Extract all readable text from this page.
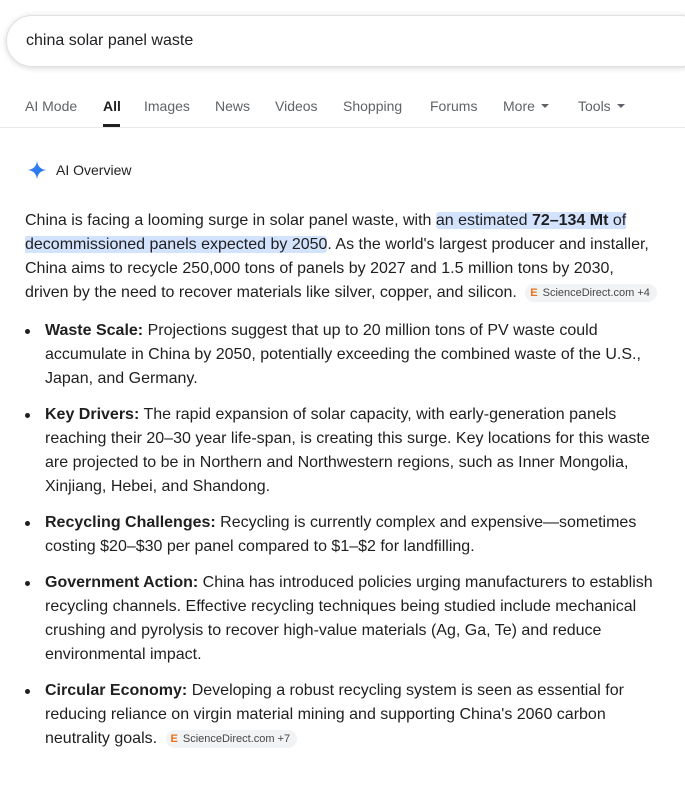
china solar panel waste
AI Mode All Images News Videos Shopping Forums More	Tools
AI Overview

China is facing a looming surge in solar panel waste, with an estimated 72–134 Mt of decommissioned panels expected by 2050. As the world's largest producer and installer, China aims to recycle 250,000 tons of panels by 2027 and 1.5 million tons by 2030, driven by the need to recover materials like silver, copper, and silicon. E ScienceDirect.com +4

Waste Scale: Projections suggest that up to 20 million tons of PV waste could accumulate in China by 2050, potentially exceeding the combined waste of the U.S., Japan, and Germany.
Key Drivers: The rapid expansion of solar capacity, with early-generation panels reaching their 20–30 year life-span, is creating this surge. Key locations for this waste are projected to be in Northern and Northwestern regions, such as Inner Mongolia, Xinjiang, Hebei, and Shandong.
Recycling Challenges: Recycling is currently complex and expensive—sometimes costing $20–$30 per panel compared to $1–$2 for landfilling.
Government Action: China has introduced policies urging manufacturers to establish recycling channels. Effective recycling techniques being studied include mechanical crushing and pyrolysis to recover high-value materials (Ag, Ga, Te) and reduce environmental impact.
Circular Economy: Developing a robust recycling system is seen as essential for reducing reliance on virgin material mining and supporting China's 2060 carbon neutrality goals. E ScienceDirect.com +7
